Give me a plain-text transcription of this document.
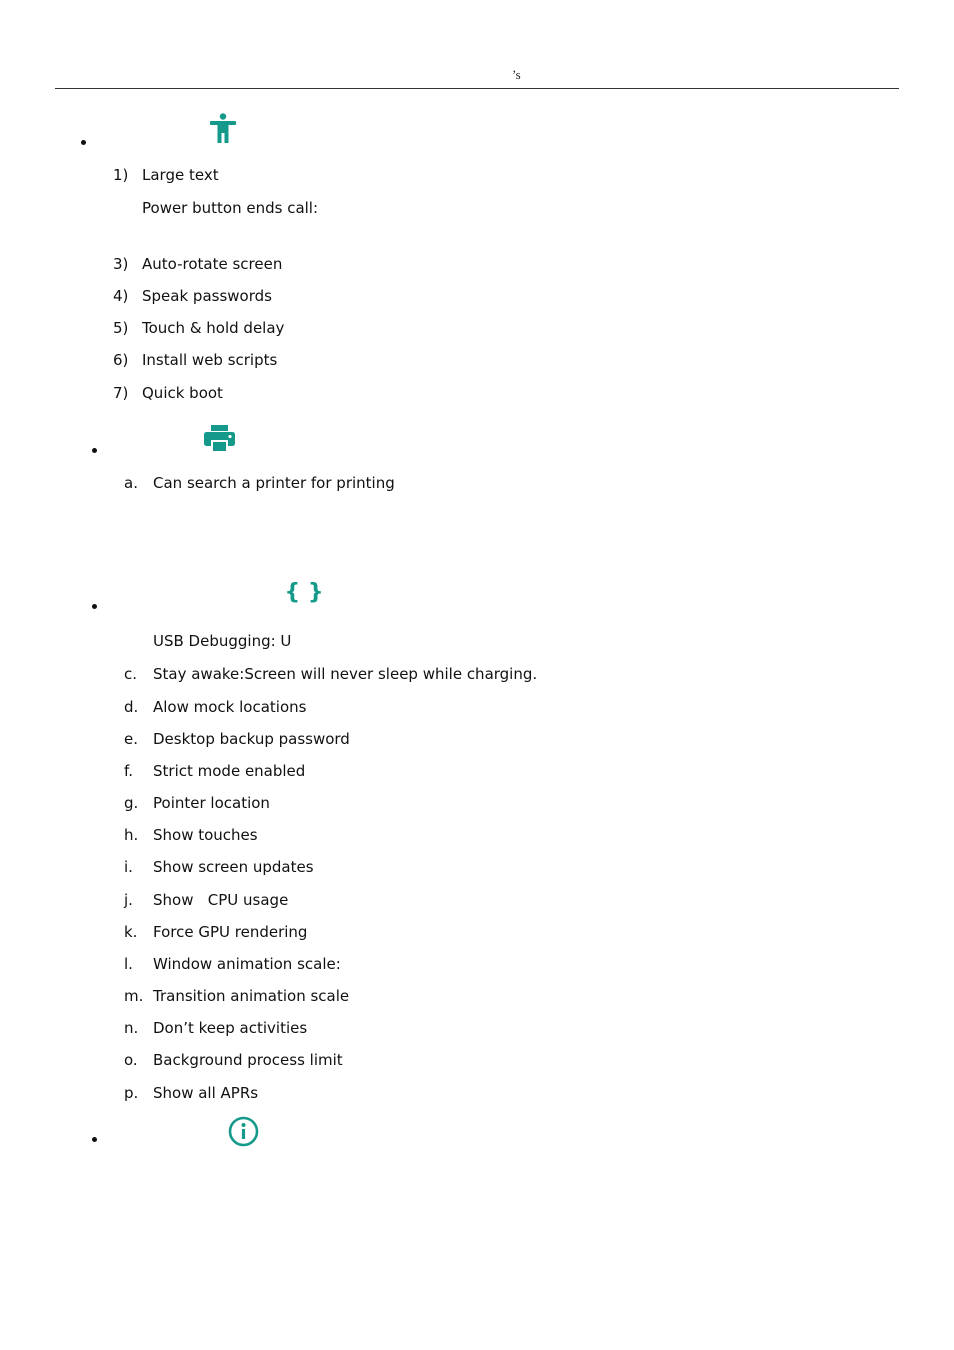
’s
1) Large text
Power button ends call:
3) Auto-rotate screen
4) Speak passwords
5) Touch & hold delay
6) Install web scripts
7) Quick boot
a. Can search a printer for printing
{ }
USB Debugging: U
c. Stay awake:Screen will never sleep while charging.
d. Alow mock locations
e. Desktop backup password
f. Strict mode enabled
g. Pointer location
h. Show touches
i. Show screen updates
j. Show   CPU usage
k. Force GPU rendering
l. Window animation scale:
m. Transition animation scale
n. Don’t keep activities
o. Background process limit
p. Show all APRs
